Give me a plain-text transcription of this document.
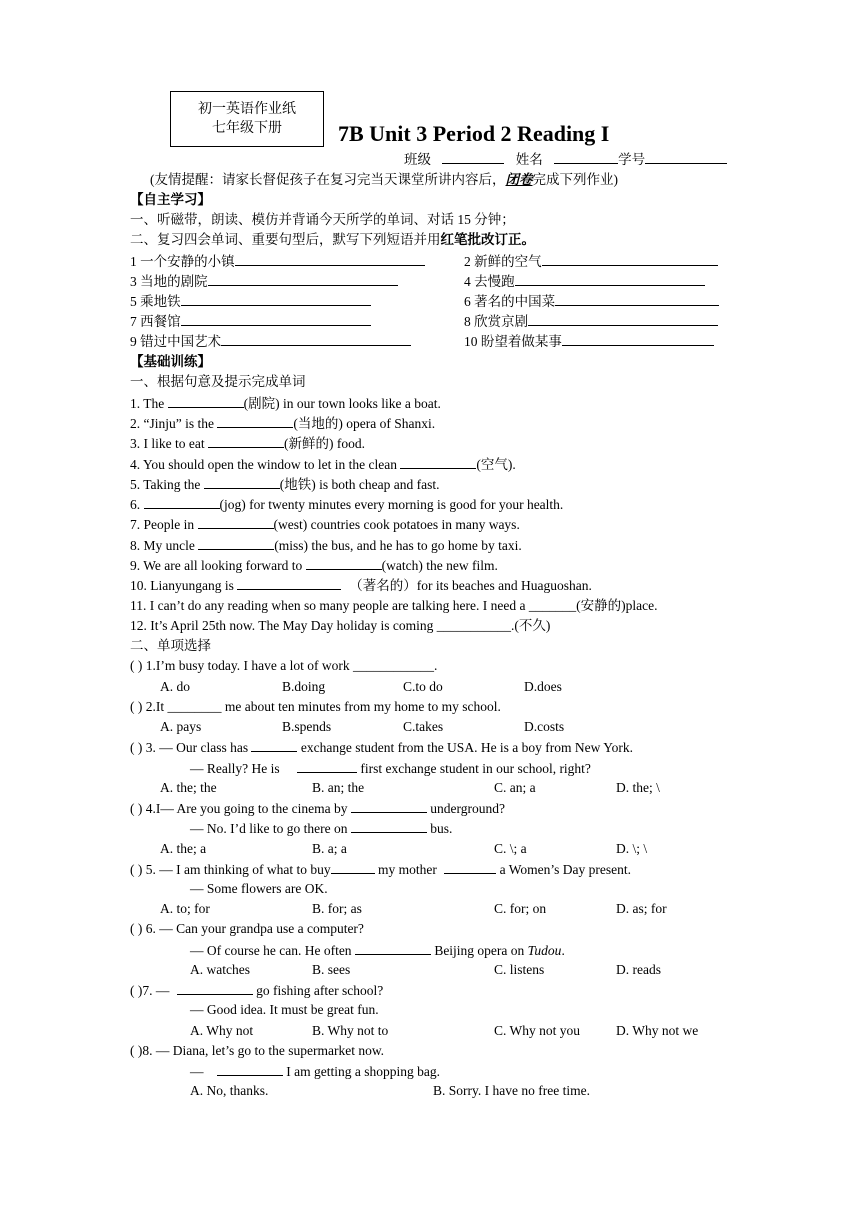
初一英语作业纸
七年级下册	7B Unit 3 Period 2 Reading I
班级	姓名	学号
(友情提醒：请家长督促孩子在复习完当天课堂所讲内容后，闭卷完成下列作业)
【自主学习】
一、听磁带，朗读、模仿并背诵今天所学的单词、对话 15 分钟；
二、复习四会单词、重要句型后，默写下列短语并用红笔批改订正。
1 一个安静的小镇	2 新鲜的空气
3 当地的剧院	4 去慢跑
5 乘地铁	6 著名的中国菜
7 西餐馆	8 欣赏京剧
9 错过中国艺术	10 盼望着做某事
【基础训练】
一、根据句意及提示完成单词
1. The	(剧院) in our town looks like a boat.
2. “Jinju” is the	(当地的) opera of Shanxi.
3. I like to eat	(新鲜的) food.
4. You should open the window to let in the clean	(空气).
5. Taking the	(地铁) is both cheap and fast.
6.	(jog) for twenty minutes every morning is good for your health.
7. People in	(west) countries cook potatoes in many ways.
8. My uncle	(miss) the bus, and he has to go home by taxi.
9. We are all looking forward to	(watch) the new film.
10. Lianyungang is	（著名的）for its beaches and Huaguoshan.
11. I can’t do any reading when so many people are talking here. I need a _______(安静的)place.
12. It’s April 25th now. The May Day holiday is coming ___________.(不久)
二、单项选择
( ) 1.I’m busy today. I have a lot of work ____________.
A. do	B.doing	C.to do	D.does
( ) 2.It ________ me about ten minutes from my home to my school.
A. pays	B.spends	C.takes	D.costs
( ) 3. — Our class has	exchange student from the USA. He is a boy from New York.
— Really? He is	first exchange student in our school, right?
A. the; the	B. an; the	C. an; a	D. the; \
( ) 4.I— Are you going to the cinema by	underground?
— No. I’d like to go there on	bus.
A. the; a	B. a; a	C. \; a	D. \; \
( ) 5. — I am thinking of what to buy	my mother	a Women’s Day present.
— Some flowers are OK.
A. to; for	B. for; as	C. for; on	D. as; for
( ) 6. — Can your grandpa use a computer?
— Of course he can. He often	Beijing opera on Tudou.
A. watches	B. sees	C. listens	D. reads
( )7. —	go fishing after school?
— Good idea. It must be great fun.
A. Why not	B. Why not to	C. Why not you	D. Why not we
( )8. — Diana, let’s go to the supermarket now.
—	I am getting a shopping bag.
A. No, thanks.	B. Sorry. I have no free time.
